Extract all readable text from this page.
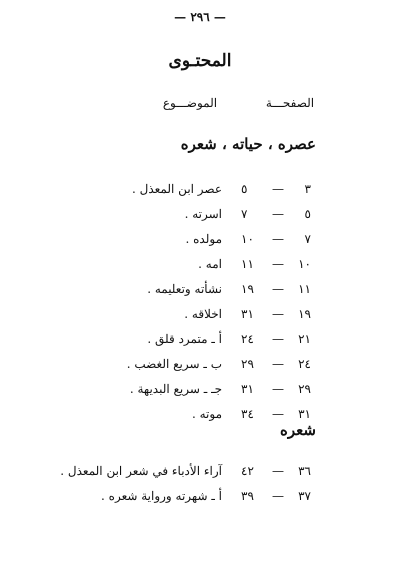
— ٢٩٦ —
المحتـوى
الصفحـــة
الموضـــوع
عصره ، حياته ، شعره
٣—٥
عصر ابن المعذل .
٥—٧
اسرته .
٧—١٠
مولده .
١٠—١١
امه .
١١—١٩
نشأته وتعليمه .
١٩—٣١
اخلاقه .
٢١—٢٤
أ ـ متمرد قلق .
٢٤—٢٩
ب ـ سريع الغضب .
٢٩—٣١
جـ ـ سريع البديهة .
٣١—٣٤
موته .
شعره
٣٦—٤٢
آراء الأدباء في شعر ابن المعذل .
٣٧—٣٩
أ ـ شهرته ورواية شعره .
